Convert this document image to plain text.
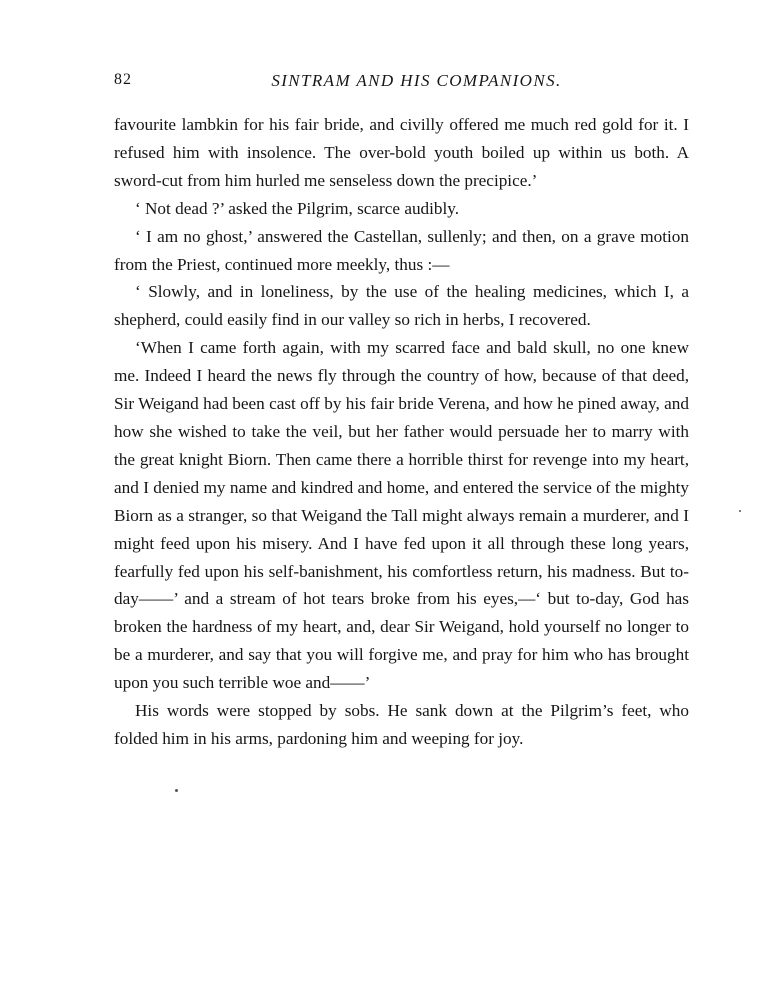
82	SINTRAM AND HIS COMPANIONS.

favourite lambkin for his fair bride, and civilly offered me much red gold for it. I refused him with insolence. The over-bold youth boiled up within us both. A sword-cut from him hurled me senseless down the precipice.’

‘ Not dead ?’ asked the Pilgrim, scarce audibly.

‘ I am no ghost,’ answered the Castellan, sullenly; and then, on a grave motion from the Priest, continued more meekly, thus :—

‘ Slowly, and in loneliness, by the use of the healing medicines, which I, a shepherd, could easily find in our valley so rich in herbs, I recovered.

‘When I came forth again, with my scarred face and bald skull, no one knew me. Indeed I heard the news fly through the country of how, because of that deed, Sir Weigand had been cast off by his fair bride Verena, and how he pined away, and how she wished to take the veil, but her father would persuade her to marry with the great knight Biorn. Then came there a horrible thirst for revenge into my heart, and I denied my name and kindred and home, and entered the service of the mighty Biorn as a stranger, so that Weigand the Tall might always remain a murderer, and I might feed upon his misery. And I have fed upon it all through these long years, fearfully fed upon his self-banishment, his comfortless return, his madness. But to-day——’ and a stream of hot tears broke from his eyes,—‘ but to-day, God has broken the hardness of my heart, and, dear Sir Weigand, hold yourself no longer to be a murderer, and say that you will forgive me, and pray for him who has brought upon you such terrible woe and——’

His words were stopped by sobs. He sank down at the Pilgrim’s feet, who folded him in his arms, pardoning him and weeping for joy.
